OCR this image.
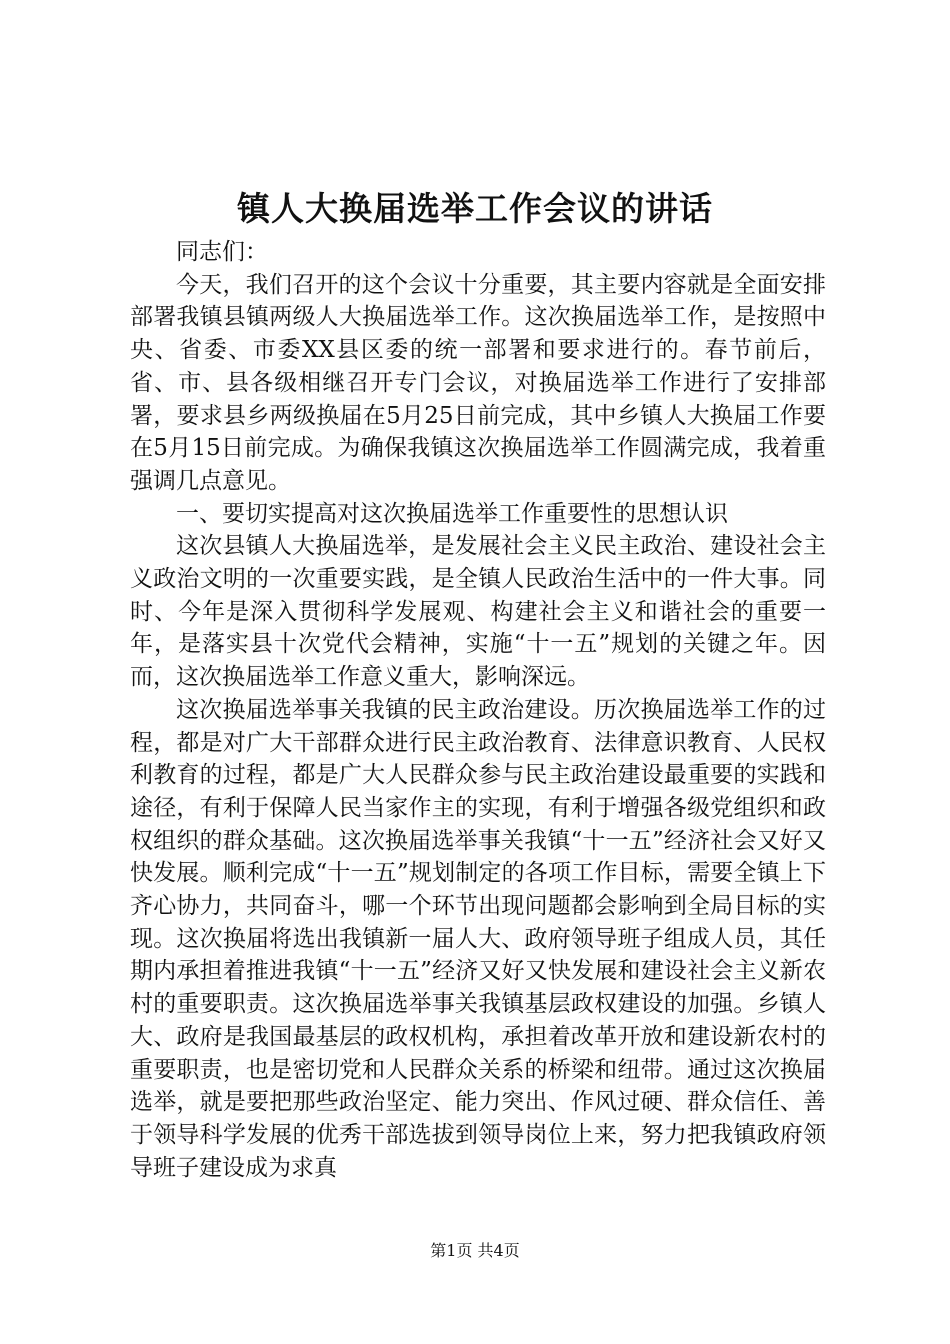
镇人大换届选举工作会议的讲话

同志们：

今天，我们召开的这个会议十分重要，其主要内容就是全面安排部署我镇县镇两级人大换届选举工作。这次换届选举工作，是按照中央、省委、市委XX县区委的统一部署和要求进行的。春节前后，省、市、县各级相继召开专门会议，对换届选举工作进行了安排部署，要求县乡两级换届在5月25日前完成，其中乡镇人大换届工作要在5月15日前完成。为确保我镇这次换届选举工作圆满完成，我着重强调几点意见。

一、要切实提高对这次换届选举工作重要性的思想认识

这次县镇人大换届选举，是发展社会主义民主政治、建设社会主义政治文明的一次重要实践，是全镇人民政治生活中的一件大事。同时、今年是深入贯彻科学发展观、构建社会主义和谐社会的重要一年，是落实县十次党代会精神，实施“十一五”规划的关键之年。因而，这次换届选举工作意义重大，影响深远。

这次换届选举事关我镇的民主政治建设。历次换届选举工作的过程，都是对广大干部群众进行民主政治教育、法律意识教育、人民权利教育的过程，都是广大人民群众参与民主政治建设最重要的实践和途径，有利于保障人民当家作主的实现，有利于增强各级党组织和政权组织的群众基础。这次换届选举事关我镇“十一五”经济社会又好又快发展。顺利完成“十一五”规划制定的各项工作目标，需要全镇上下齐心协力，共同奋斗，哪一个环节出现问题都会影响到全局目标的实现。这次换届将选出我镇新一届人大、政府领导班子组成人员，其任期内承担着推进我镇“十一五”经济又好又快发展和建设社会主义新农村的重要职责。这次换届选举事关我镇基层政权建设的加强。乡镇人大、政府是我国最基层的政权机构，承担着改革开放和建设新农村的重要职责，也是密切党和人民群众关系的桥梁和纽带。通过这次换届选举，就是要把那些政治坚定、能力突出、作风过硬、群众信任、善于领导科学发展的优秀干部选拔到领导岗位上来，努力把我镇政府领导班子建设成为求真

第1页 共4页
